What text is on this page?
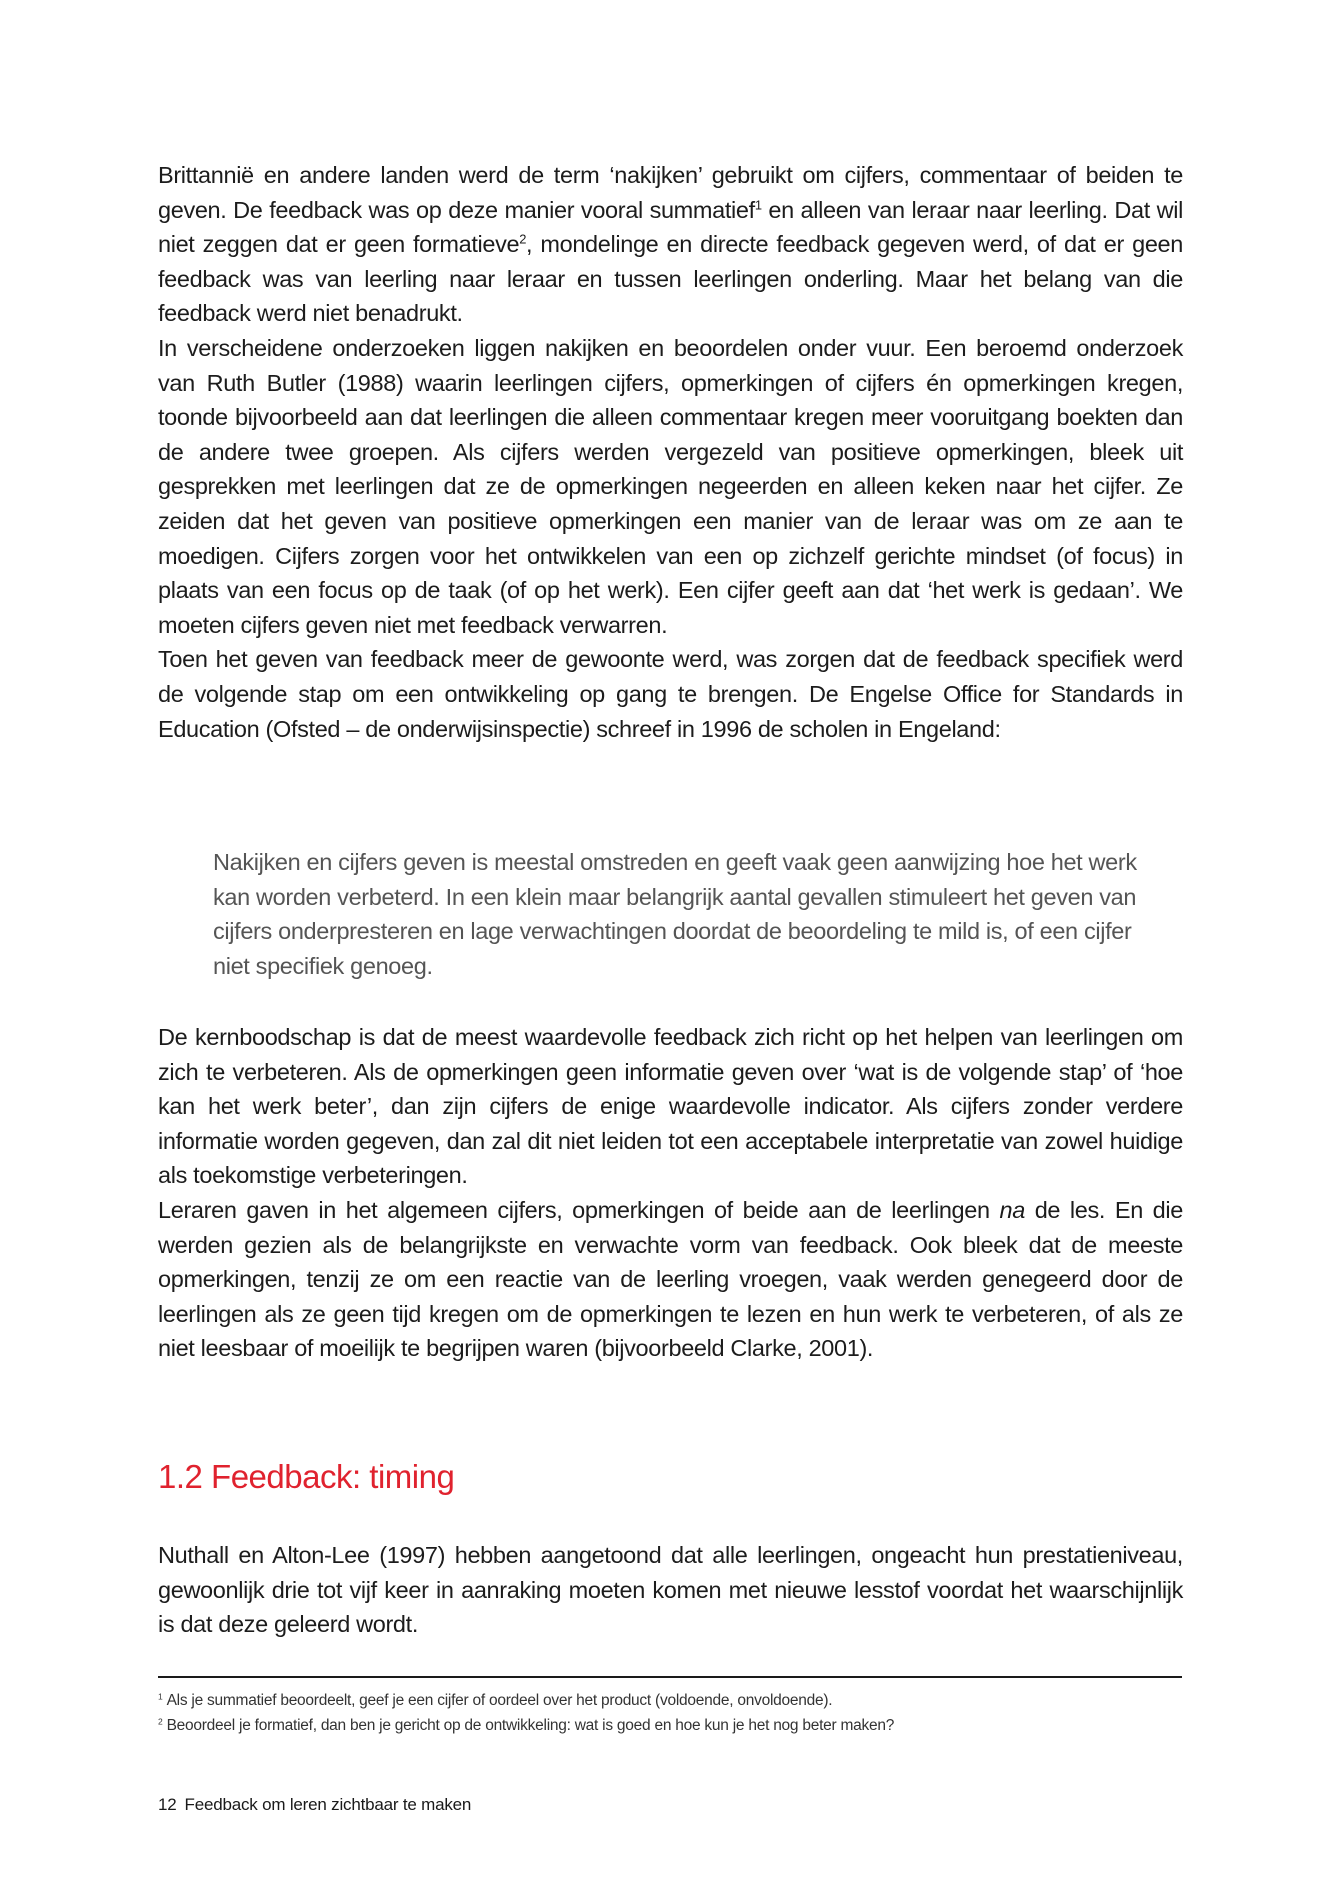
Brittannië en andere landen werd de term ‘nakijken’ gebruikt om cijfers, commentaar of beiden te geven. De feedback was op deze manier vooral summatief$^1$ en alleen van leraar naar leerling. Dat wil niet zeggen dat er geen formatieve$^2$, mondelinge en directe feedback gegeven werd, of dat er geen feedback was van leerling naar leraar en tussen leerlingen onderling. Maar het belang van die feedback werd niet benadrukt.

In verscheidene onderzoeken liggen nakijken en beoordelen onder vuur. Een beroemd onderzoek van Ruth Butler (1988) waarin leerlingen cijfers, opmerkingen of cijfers én opmerkingen kregen, toonde bijvoorbeeld aan dat leerlingen die alleen commentaar kregen meer vooruitgang boekten dan de andere twee groepen. Als cijfers werden vergezeld van positieve opmerkingen, bleek uit gesprekken met leerlingen dat ze de opmerkingen negeerden en alleen keken naar het cijfer. Ze zeiden dat het geven van positieve opmerkingen een manier van de leraar was om ze aan te moedigen. Cijfers zorgen voor het ontwikkelen van een op zichzelf gerichte mindset (of focus) in plaats van een focus op de taak (of op het werk). Een cijfer geeft aan dat ‘het werk is gedaan’. We moeten cijfers geven niet met feedback verwarren.

Toen het geven van feedback meer de gewoonte werd, was zorgen dat de feedback specifiek werd de volgende stap om een ontwikkeling op gang te brengen. De Engelse Office for Standards in Education (Ofsted – de onderwijsinspectie) schreef in 1996 de scholen in Engeland:

Nakijken en cijfers geven is meestal omstreden en geeft vaak geen aanwijzing hoe het werk kan worden verbeterd. In een klein maar belangrijk aantal gevallen stimuleert het geven van cijfers onderpresteren en lage verwachtingen doordat de beoordeling te mild is, of een cijfer niet specifiek genoeg.

De kernboodschap is dat de meest waardevolle feedback zich richt op het helpen van leerlingen om zich te verbeteren. Als de opmerkingen geen informatie geven over ‘wat is de volgende stap’ of ‘hoe kan het werk beter’, dan zijn cijfers de enige waardevolle indicator. Als cijfers zonder verdere informatie worden gegeven, dan zal dit niet leiden tot een acceptabele interpretatie van zowel huidige als toekomstige verbeteringen.

Leraren gaven in het algemeen cijfers, opmerkingen of beide aan de leerlingen na de les. En die werden gezien als de belangrijkste en verwachte vorm van feedback. Ook bleek dat de meeste opmerkingen, tenzij ze om een reactie van de leerling vroegen, vaak werden genegeerd door de leerlingen als ze geen tijd kregen om de opmerkingen te lezen en hun werk te verbeteren, of als ze niet leesbaar of moeilijk te begrijpen waren (bijvoorbeeld Clarke, 2001).

1.2 Feedback: timing

Nuthall en Alton-Lee (1997) hebben aangetoond dat alle leerlingen, ongeacht hun prestatieniveau, gewoonlijk drie tot vijf keer in aanraking moeten komen met nieuwe lesstof voordat het waarschijnlijk is dat deze geleerd wordt.

$^1$ Als je summatief beoordeelt, geef je een cijfer of oordeel over het product (voldoende, onvoldoende).
$^2$ Beoordeel je formatief, dan ben je gericht op de ontwikkeling: wat is goed en hoe kun je het nog beter maken?
12 Feedback om leren zichtbaar te maken
